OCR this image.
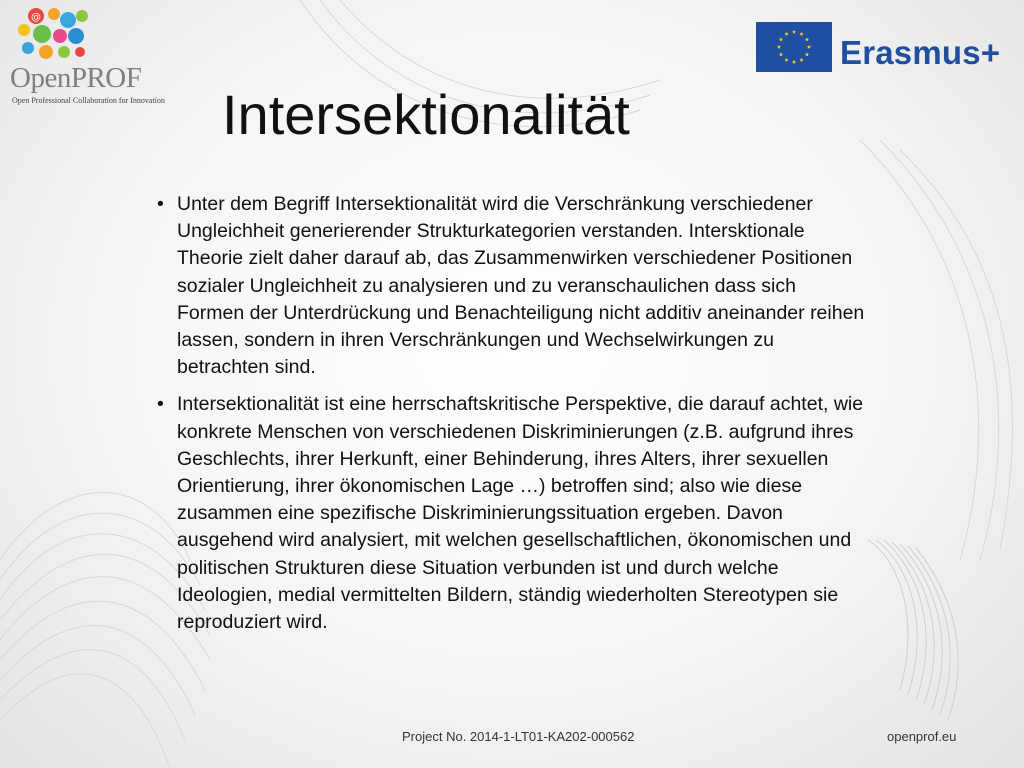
@
OpenPROF
Open Professional Collaboration for Innovation
Erasmus+
Intersektionalität
• Unter dem Begriff Intersektionalität wird die Verschränkung verschiedener Ungleichheit generierender Strukturkategorien verstanden. Intersktionale Theorie zielt daher darauf ab, das Zusammenwirken verschiedener Positionen sozialer Ungleichheit zu analysieren und zu veranschaulichen dass sich Formen der Unterdrückung und Benachteiligung nicht additiv aneinander reihen lassen, sondern in ihren Verschränkungen und Wechselwirkungen zu betrachten sind.
• Intersektionalität ist eine herrschaftskritische Perspektive, die darauf achtet, wie konkrete Menschen von verschiedenen Diskriminierungen (z.B. aufgrund ihres Geschlechts, ihrer Herkunft, einer Behinderung, ihres Alters, ihrer sexuellen Orientierung, ihrer ökonomischen Lage …) betroffen sind; also wie diese zusammen eine spezifische Diskriminierungssituation ergeben. Davon ausgehend wird analysiert, mit welchen gesellschaftlichen, ökonomischen und politischen Strukturen diese Situation verbunden ist und durch welche Ideologien, medial vermittelten Bildern, ständig wiederholten Stereotypen sie reproduziert wird.
Project No. 2014-1-LT01-KA202-000562	openprof.eu
